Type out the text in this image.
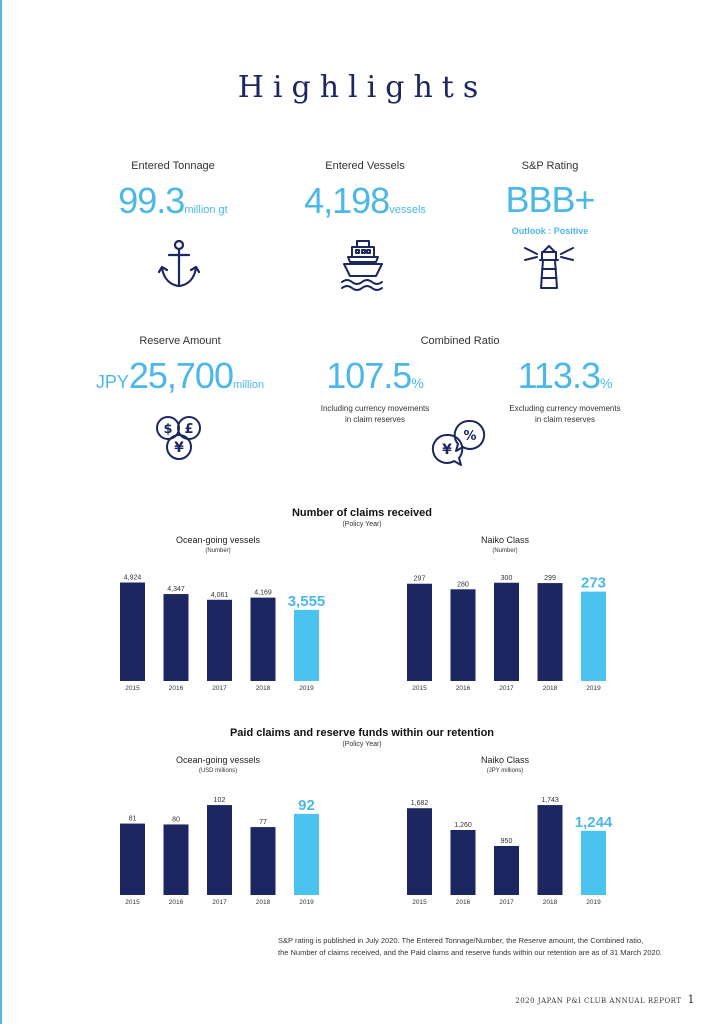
Highlights
Entered Tonnage
99.3million gt
Entered Vessels
4,198vessels
S&P Rating
BBB+
Outlook : Positive
Reserve Amount
JPY25,700million
$ £
¥
Combined Ratio
107.5%
Including currency movements
in claim reserves
113.3%
Excluding currency movements
in claim reserves
%
¥
Number of claims received
(Policy Year)
Ocean-going vessels
(Number)
4,924
2015
4,347
2016
4,061
2017
4,169
2018
3,555
2019
Naiko Class
(Number)
297
2015
280
2016
300
2017
299
2018
273
2019
Paid claims and reserve funds within our retention
(Policy Year)
Ocean-going vessels
(USD millions)
81
2015
80
2016
102
2017
77
2018
92
2019
Naiko Class
(JPY millions)
1,682
2015
1,260
2016
950
2017
1,743
2018
1,244
2019
S&P rating is published in July 2020. The Entered Tonnage/Number, the Reserve amount, the Combined ratio,
the Number of claims received, and the Paid claims and reserve funds within our retention are as of 31 March 2020.
2020 JAPAN P&I CLUB ANNUAL REPORT 1
